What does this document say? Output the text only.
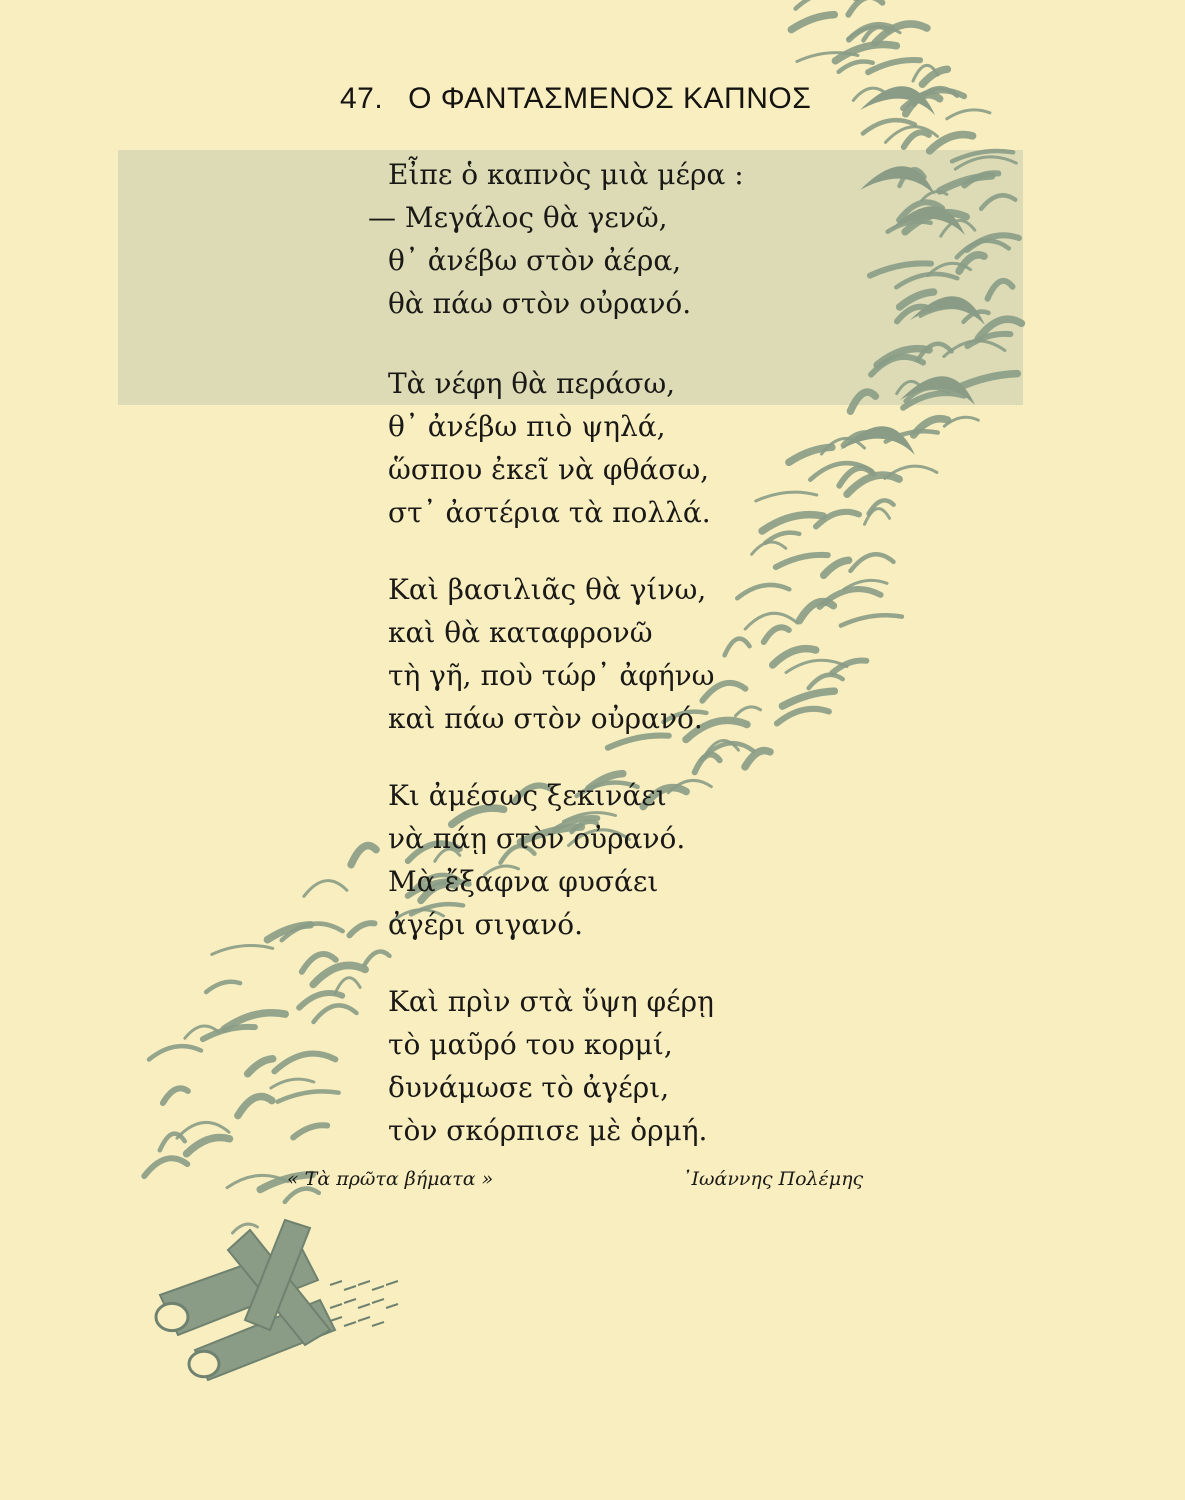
47. Ο ΦΑΝΤΑΣΜΕΝΟΣ ΚΑΠΝΟΣ
Εἶπε ὁ καπνὸς μιὰ μέρα :
— Μεγάλος θὰ γενῶ,
θ᾽ ἀνέβω στὸν ἀέρα,
θὰ πάω στὸν οὐρανό.
Τὰ νέφη θὰ περάσω,
θ᾽ ἀνέβω πιὸ ψηλά,
ὥσπου ἐκεῖ νὰ φθάσω,
στ᾽ ἀστέρια τὰ πολλά.
Καὶ βασιλιᾶς θὰ γίνω,
καὶ θὰ καταφρονῶ
τὴ γῆ, ποὺ τώρ᾽ ἀφήνω
καὶ πάω στὸν οὐρανό.
Κι ἀμέσως ξεκινάει
νὰ πάῃ στὸν οὐρανό.
Μὰ ἔξαφνα φυσάει
ἀγέρι σιγανό.
Καὶ πρὶν στὰ ὕψη φέρῃ
τὸ μαῦρό του κορμί,
δυνάμωσε τὸ ἀγέρι,
τὸν σκόρπισε μὲ ὁρμή.
« Τὰ πρῶτα βήματα »	᾽Ιωάννης Πολέμης
